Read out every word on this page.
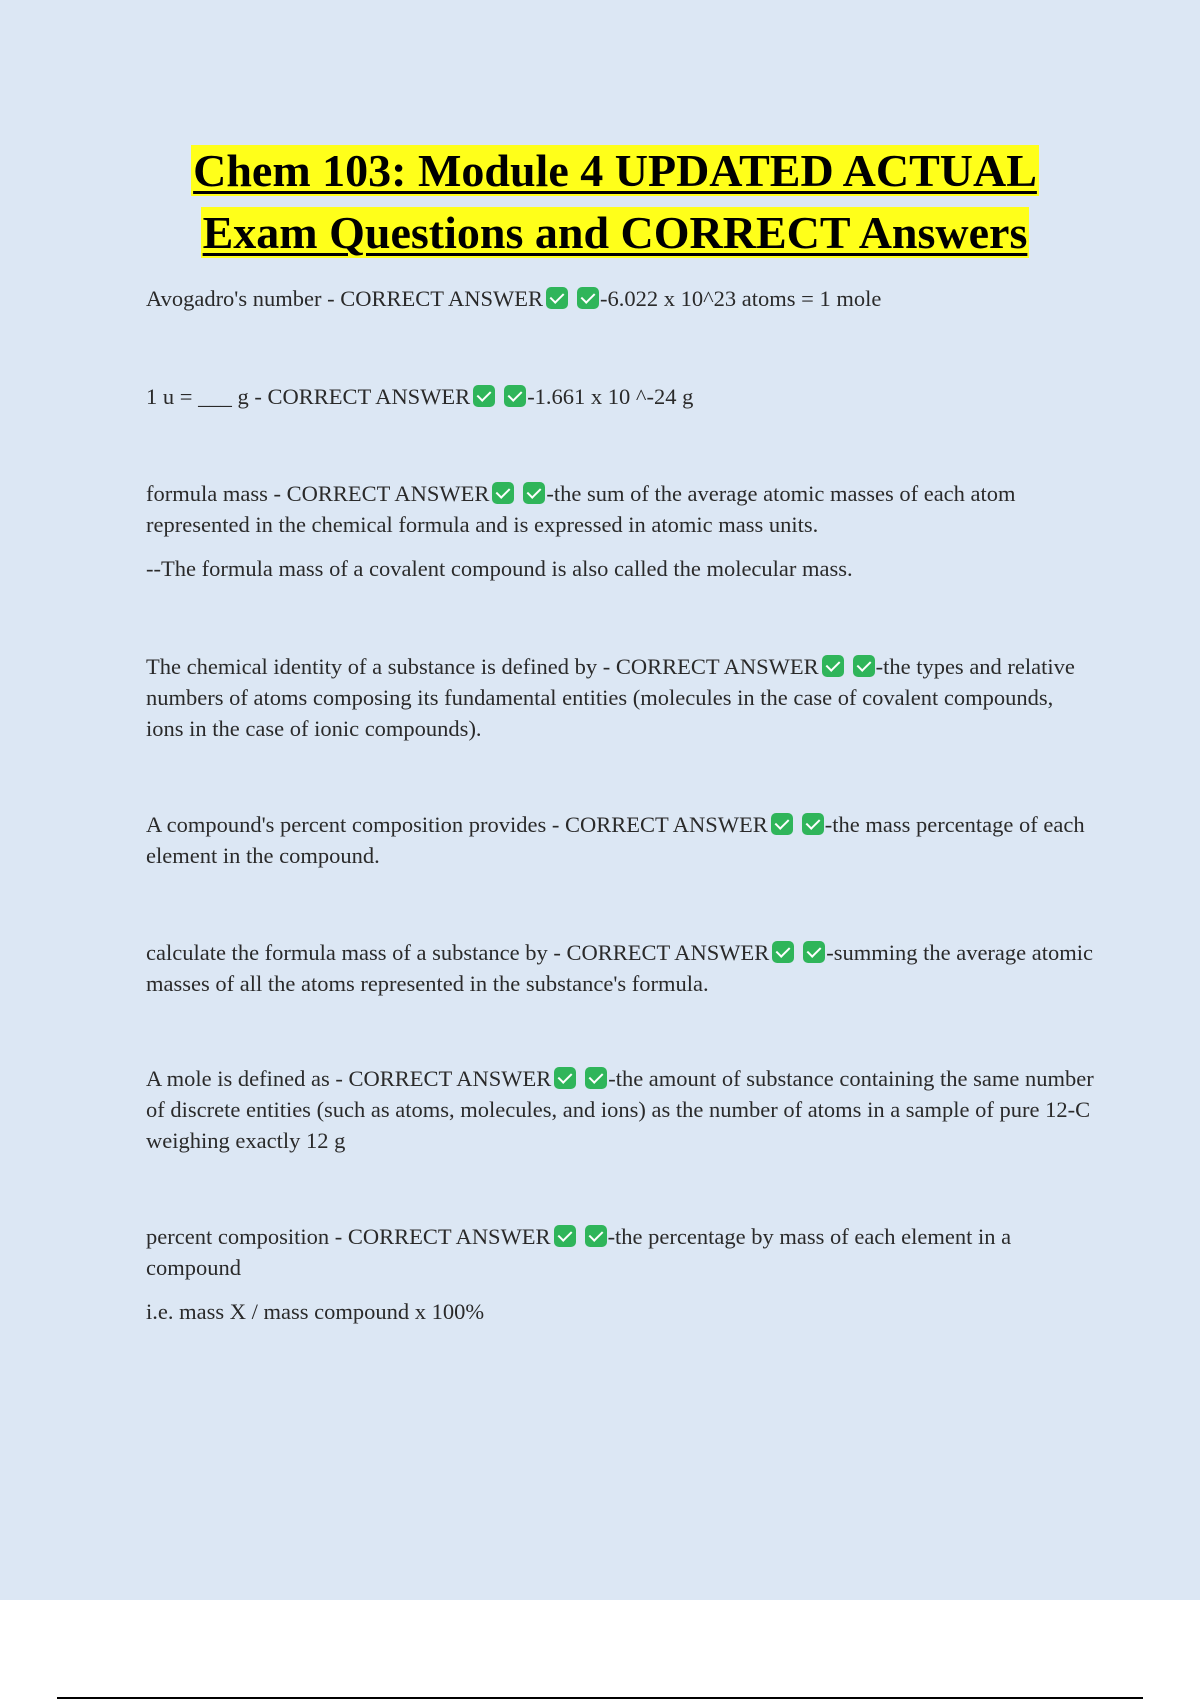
Chem 103: Module 4 UPDATED ACTUAL
Exam Questions and CORRECT Answers

Avogadro's number - CORRECT ANSWER	-6.022 x 10^23 atoms = 1 mole

1 u = ___ g - CORRECT ANSWER	-1.661 x 10 ^-24 g

formula mass - CORRECT ANSWER	-the sum of the average atomic masses of each atom represented in the chemical formula and is expressed in atomic mass units.
--The formula mass of a covalent compound is also called the molecular mass.

The chemical identity of a substance is defined by - CORRECT ANSWER	-the types and relative numbers of atoms composing its fundamental entities (molecules in the case of covalent compounds, ions in the case of ionic compounds).

A compound's percent composition provides - CORRECT ANSWER	-the mass percentage of each element in the compound.

calculate the formula mass of a substance by - CORRECT ANSWER	-summing the average atomic masses of all the atoms represented in the substance's formula.

A mole is defined as - CORRECT ANSWER	-the amount of substance containing the same number of discrete entities (such as atoms, molecules, and ions) as the number of atoms in a sample of pure 12-C weighing exactly 12 g

percent composition - CORRECT ANSWER	-the percentage by mass of each element in a compound
i.e. mass X / mass compound x 100%
